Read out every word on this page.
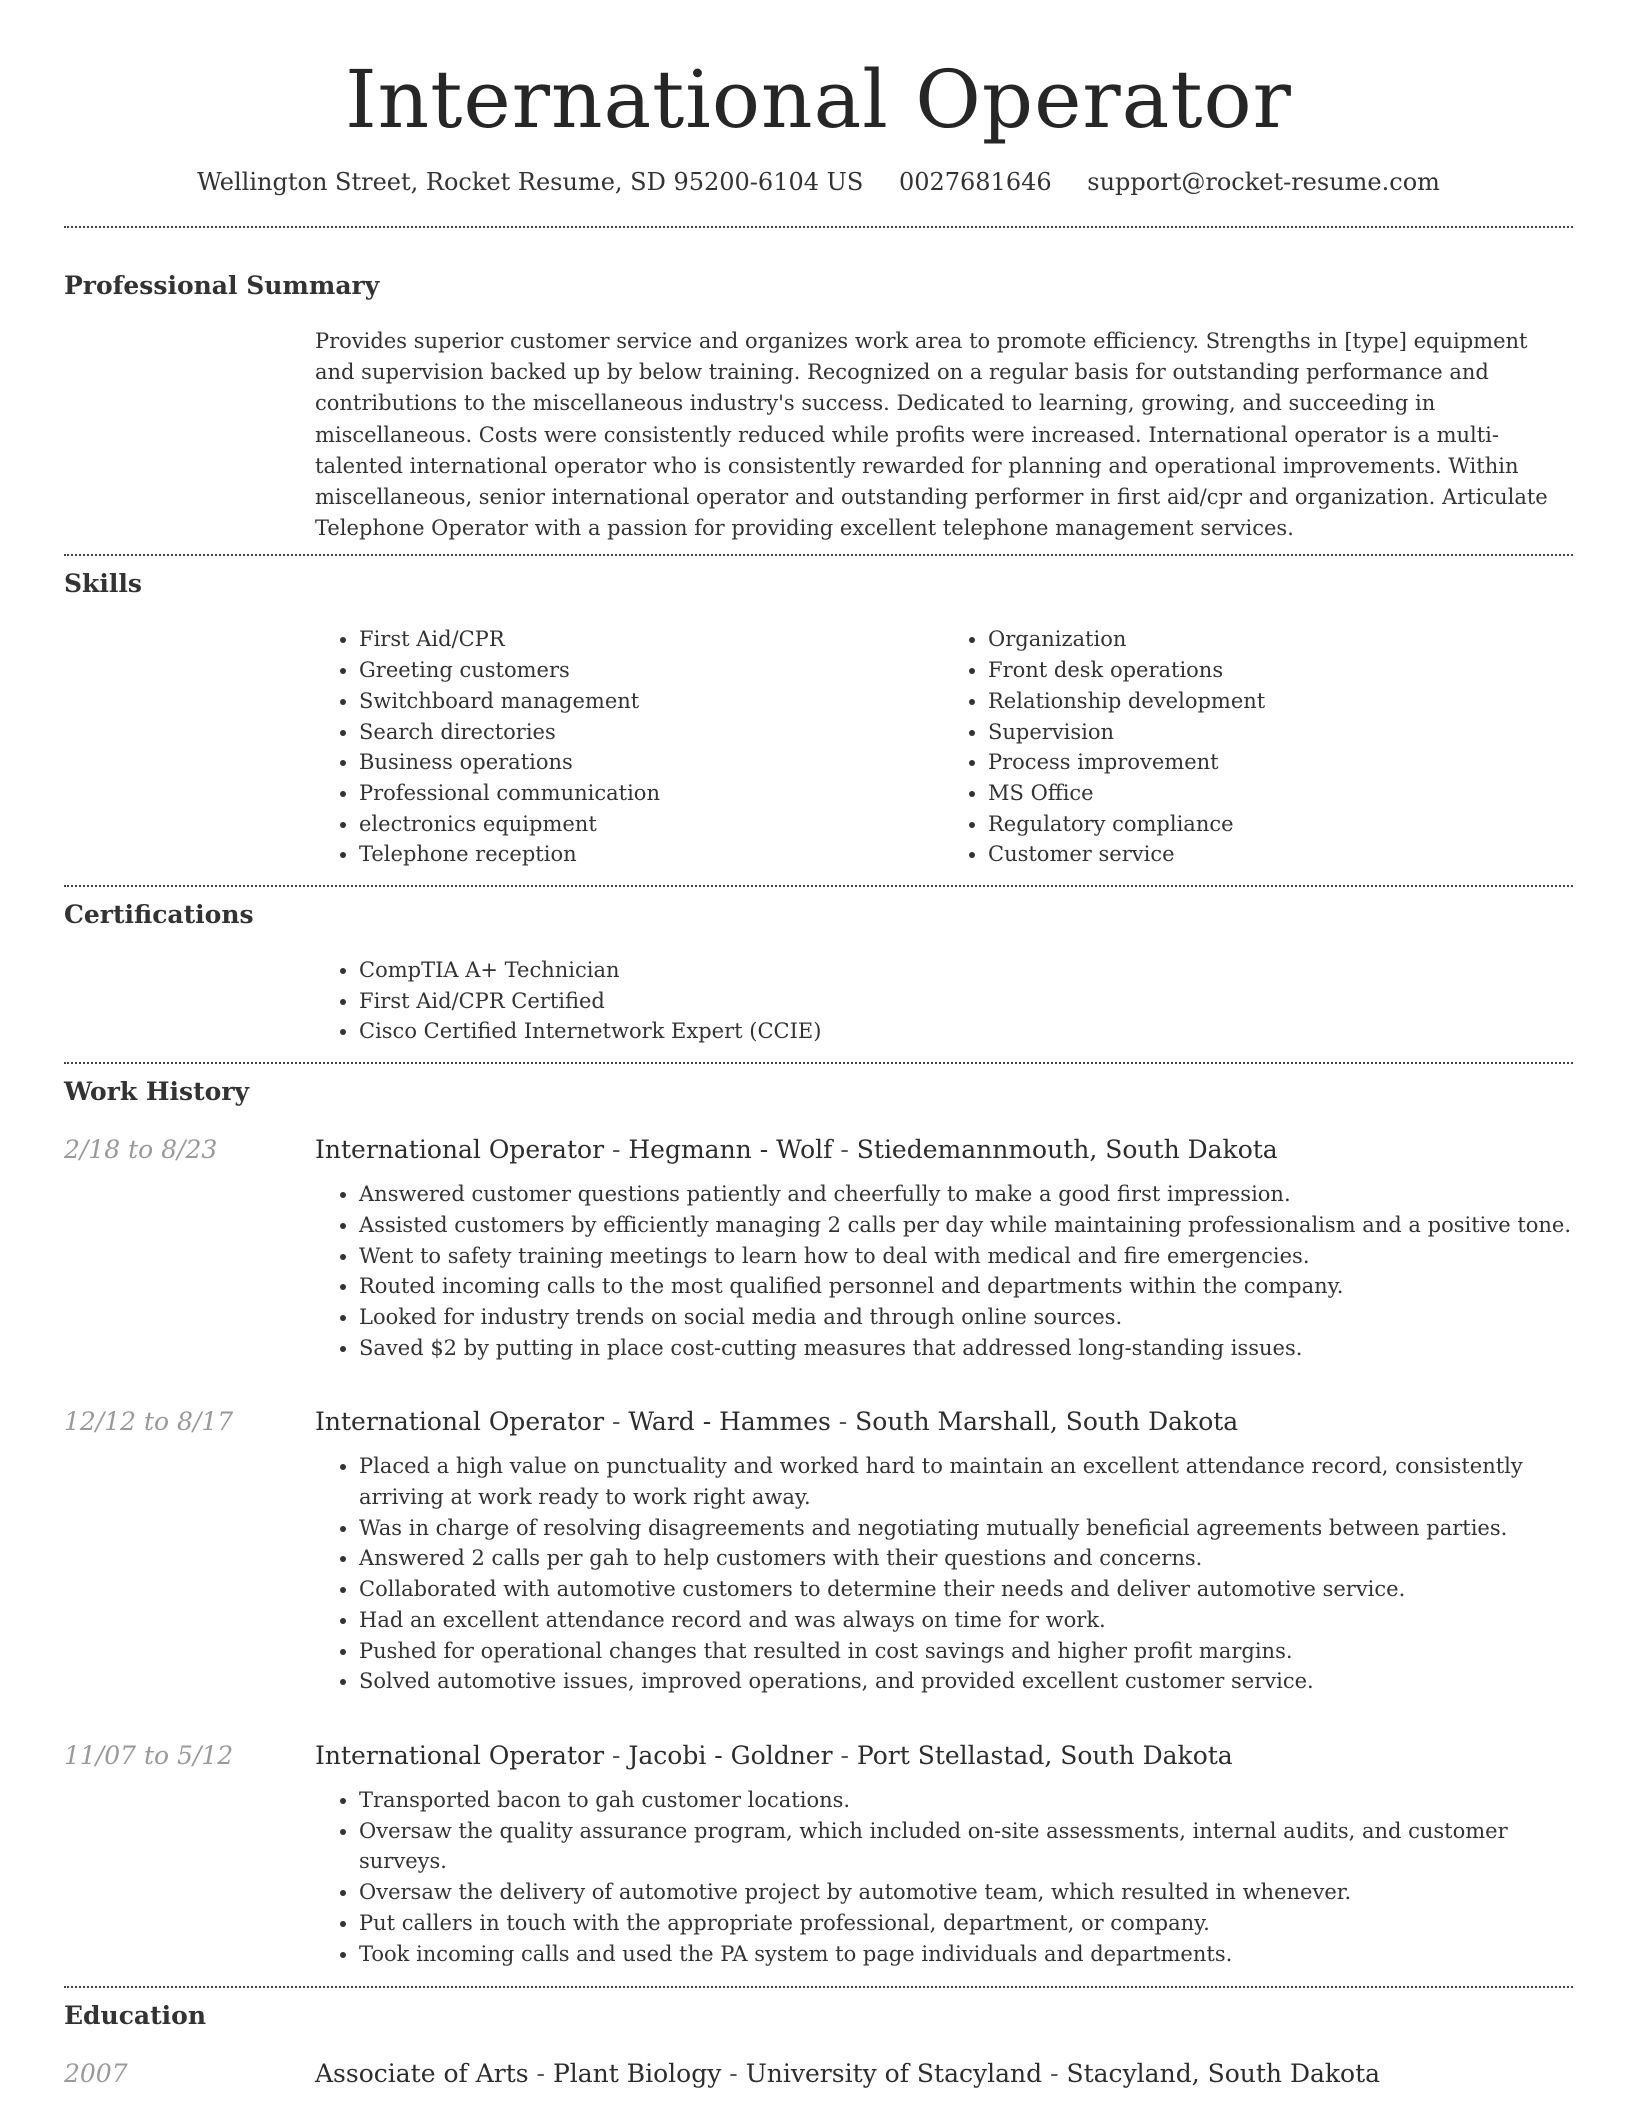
International Operator
Wellington Street, Rocket Resume, SD 95200-6104 US 0027681646 support@rocket-resume.com
Professional Summary

Provides superior customer service and organizes work area to promote efficiency. Strengths in [type] equipment and supervision backed up by below training. Recognized on a regular basis for outstanding performance and contributions to the miscellaneous industry's success. Dedicated to learning, growing, and succeeding in miscellaneous. Costs were consistently reduced while profits were increased. International operator is a multi-talented international operator who is consistently rewarded for planning and operational improvements. Within miscellaneous, senior international operator and outstanding performer in first aid/cpr and organization. Articulate Telephone Operator with a passion for providing excellent telephone management services.

Skills
• First Aid/CPR
• Greeting customers
• Switchboard management
• Search directories
• Business operations
• Professional communication
• electronics equipment
• Telephone reception
• Organization
• Front desk operations
• Relationship development
• Supervision
• Process improvement
• MS Office
• Regulatory compliance
• Customer service
Certifications
• CompTIA A+ Technician
• First Aid/CPR Certified
• Cisco Certified Internetwork Expert (CCIE)
Work History
2/18 to 8/23	International Operator - Hegmann - Wolf - Stiedemannmouth, South Dakota
• Answered customer questions patiently and cheerfully to make a good first impression.
• Assisted customers by efficiently managing 2 calls per day while maintaining professionalism and a positive tone.
• Went to safety training meetings to learn how to deal with medical and fire emergencies.
• Routed incoming calls to the most qualified personnel and departments within the company.
• Looked for industry trends on social media and through online sources.
• Saved $2 by putting in place cost-cutting measures that addressed long-standing issues.
12/12 to 8/17	International Operator - Ward - Hammes - South Marshall, South Dakota
• Placed a high value on punctuality and worked hard to maintain an excellent attendance record, consistently arriving at work ready to work right away.
• Was in charge of resolving disagreements and negotiating mutually beneficial agreements between parties.
• Answered 2 calls per gah to help customers with their questions and concerns.
• Collaborated with automotive customers to determine their needs and deliver automotive service.
• Had an excellent attendance record and was always on time for work.
• Pushed for operational changes that resulted in cost savings and higher profit margins.
• Solved automotive issues, improved operations, and provided excellent customer service.
11/07 to 5/12	International Operator - Jacobi - Goldner - Port Stellastad, South Dakota
• Transported bacon to gah customer locations.
• Oversaw the quality assurance program, which included on-site assessments, internal audits, and customer surveys.
• Oversaw the delivery of automotive project by automotive team, which resulted in whenever.
• Put callers in touch with the appropriate professional, department, or company.
• Took incoming calls and used the PA system to page individuals and departments.
Education
2007	Associate of Arts - Plant Biology - University of Stacyland - Stacyland, South Dakota
